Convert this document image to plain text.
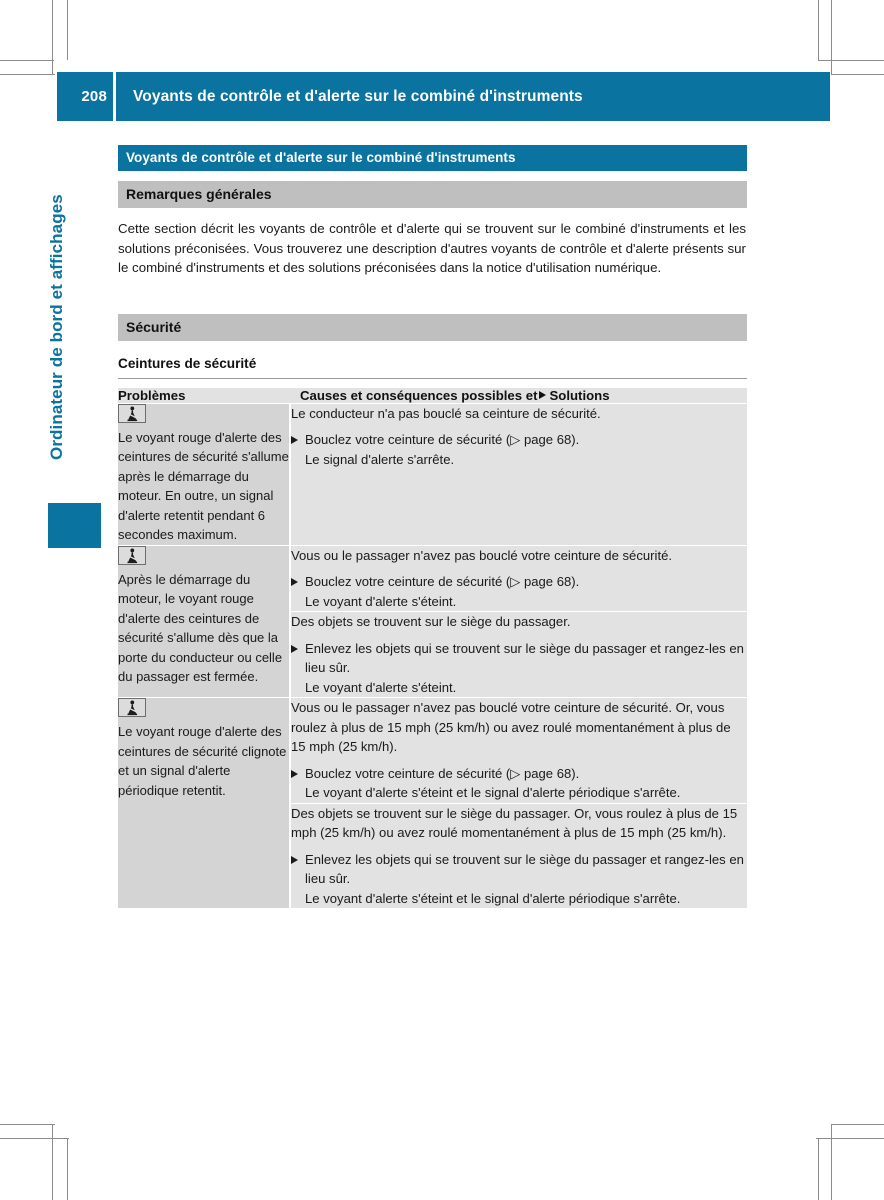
208	Voyants de contrôle et d'alerte sur le combiné d'instruments
Ordinateur de bord et affichages
Voyants de contrôle et d'alerte sur le combiné d'instruments
Remarques générales
Cette section décrit les voyants de contrôle et d'alerte qui se trouvent sur le combiné d'instruments et les solutions préconisées. Vous trouverez une description d'autres voyants de contrôle et d'alerte présents sur le combiné d'instruments et des solutions préconisées dans la notice d'utilisation numérique.
Sécurité
Ceintures de sécurité
Problèmes	Causes et conséquences possibles et Solutions

Le voyant rouge d'alerte des ceintures de sécurité s'allume après le démarrage du moteur. En outre, un signal d'alerte retentit pendant 6 secondes maximum.	Le conducteur n'a pas bouclé sa ceinture de sécurité.
Bouclez votre ceinture de sécurité (▷ page 68).
Le signal d'alerte s'arrête.

Après le démarrage du moteur, le voyant rouge d'alerte des ceintures de sécurité s'allume dès que la porte du conducteur ou celle du passager est fermée.	Vous ou le passager n'avez pas bouclé votre ceinture de sécurité.
Bouclez votre ceinture de sécurité (▷ page 68).
Le voyant d'alerte s'éteint.

	Des objets se trouvent sur le siège du passager.
Enlevez les objets qui se trouvent sur le siège du passager et rangez-les en lieu sûr.
Le voyant d'alerte s'éteint.

Le voyant rouge d'alerte des ceintures de sécurité clignote et un signal d'alerte périodique retentit.	Vous ou le passager n'avez pas bouclé votre ceinture de sécurité. Or, vous roulez à plus de 15 mph (25 km/h) ou avez roulé momentanément à plus de 15 mph (25 km/h).
Bouclez votre ceinture de sécurité (▷ page 68).
Le voyant d'alerte s'éteint et le signal d'alerte périodique s'arrête.

	Des objets se trouvent sur le siège du passager. Or, vous roulez à plus de 15 mph (25 km/h) ou avez roulé momentanément à plus de 15 mph (25 km/h).
Enlevez les objets qui se trouvent sur le siège du passager et rangez-les en lieu sûr.
Le voyant d'alerte s'éteint et le signal d'alerte périodique s'arrête.
